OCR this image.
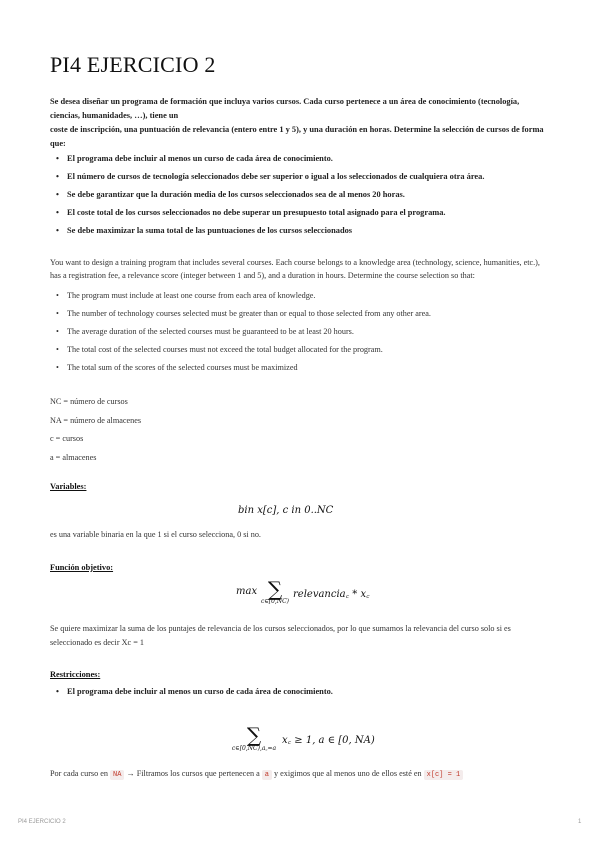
PI4 EJERCICIO 2

Se desea diseñar un programa de formación que incluya varios cursos. Cada curso pertenece a un área de conocimiento (tecnología, ciencias, humanidades, …), tiene un

coste de inscripción, una puntuación de relevancia (entero entre 1 y 5), y una duración en horas. Determine la selección de cursos de forma que:

• El programa debe incluir al menos un curso de cada área de conocimiento.
• El número de cursos de tecnología seleccionados debe ser superior o igual a los seleccionados de cualquiera otra área.
• Se debe garantizar que la duración media de los cursos seleccionados sea de al menos 20 horas.
• El coste total de los cursos seleccionados no debe superar un presupuesto total asignado para el programa.
• Se debe maximizar la suma total de las puntuaciones de los cursos seleccionados

You want to design a training program that includes several courses. Each course belongs to a knowledge area (technology, science, humanities, etc.), has a registration fee, a relevance score (integer between 1 and 5), and a duration in hours. Determine the course selection so that:

• The program must include at least one course from each area of knowledge.
• The number of technology courses selected must be greater than or equal to those selected from any other area.
• The average duration of the selected courses must be guaranteed to be at least 20 hours.
• The total cost of the selected courses must not exceed the total budget allocated for the program.
• The total sum of the scores of the selected courses must be maximized
NC = número de cursos
NA = número de almacenes
c = cursos
a = almacenes
Variables:
bin x[c], c in 0..NC
es una variable binaria en la que 1 si el curso selecciona, 0 si no.
Función objetivo:
max ∑
c∈[0,NC)
relevancia꜀ * x꜀
Se quiere maximizar la suma de los puntajes de relevancia de los cursos seleccionados, por lo que sumamos la relevancia del curso solo si es seleccionado es decir Xc = 1
Restricciones:
• El programa debe incluir al menos un curso de cada área de conocimiento.
∑
c∈[0,NC),a꜀=a
x꜀ ≥ 1, a ∈ [0, NA)
Por cada curso en NA → Filtramos los cursos que pertenecen a a y exigimos que al menos uno de ellos esté en x[c] = 1
PI4 EJERCICIO 2	1
